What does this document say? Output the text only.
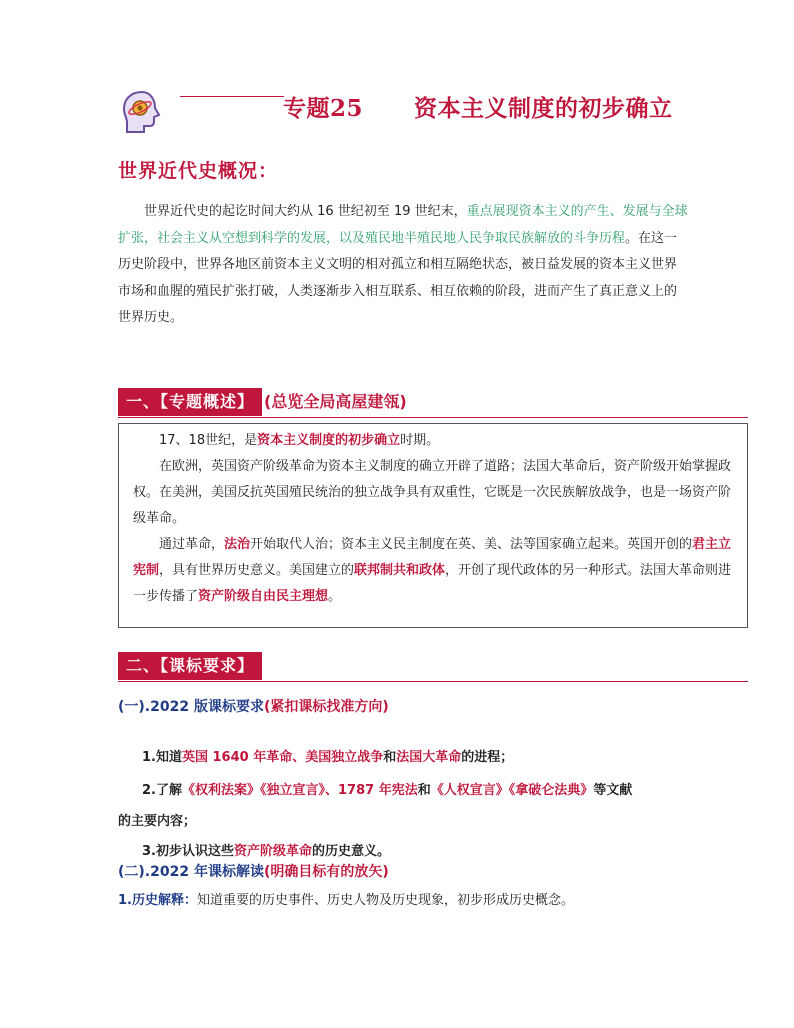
专题25      资本主义制度的初步确立
世界近代史概况：
世界近代史的起讫时间大约从 16 世纪初至 19 世纪末，重点展现资本主义的产生、发展与全球扩张，社会主义从空想到科学的发展，以及殖民地半殖民地人民争取民族解放的斗争历程。在这一历史阶段中，世界各地区前资本主义文明的相对孤立和相互隔绝状态，被日益发展的资本主义世界市场和血腥的殖民扩张打破，人类逐渐步入相互联系、相互依赖的阶段，进而产生了真正意义上的世界历史。
一、【专题概述】 (总览全局高屋建瓴)

17、18世纪，是资本主义制度的初步确立时期。

在欧洲，英国资产阶级革命为资本主义制度的确立开辟了道路；法国大革命后，资产阶级开始掌握政权。在美洲，美国反抗英国殖民统治的独立战争具有双重性，它既是一次民族解放战争，也是一场资产阶级革命。

通过革命，法治开始取代人治；资本主义民主制度在英、美、法等国家确立起来。英国开创的君主立宪制，具有世界历史意义。美国建立的联邦制共和政体，开创了现代政体的另一种形式。法国大革命则进一步传播了资产阶级自由民主理想。

二、【课标要求】
(一).2022 版课标要求(紧扣课标找准方向)
1.知道英国 1640 年革命、美国独立战争和法国大革命的进程；
2.了解《权利法案》《独立宣言》、1787 年宪法和《人权宣言》《拿破仑法典》等文献
的主要内容；
3.初步认识这些资产阶级革命的历史意义。
(二).2022 年课标解读(明确目标有的放矢)
1.历史解释：知道重要的历史事件、历史人物及历史现象，初步形成历史概念。
